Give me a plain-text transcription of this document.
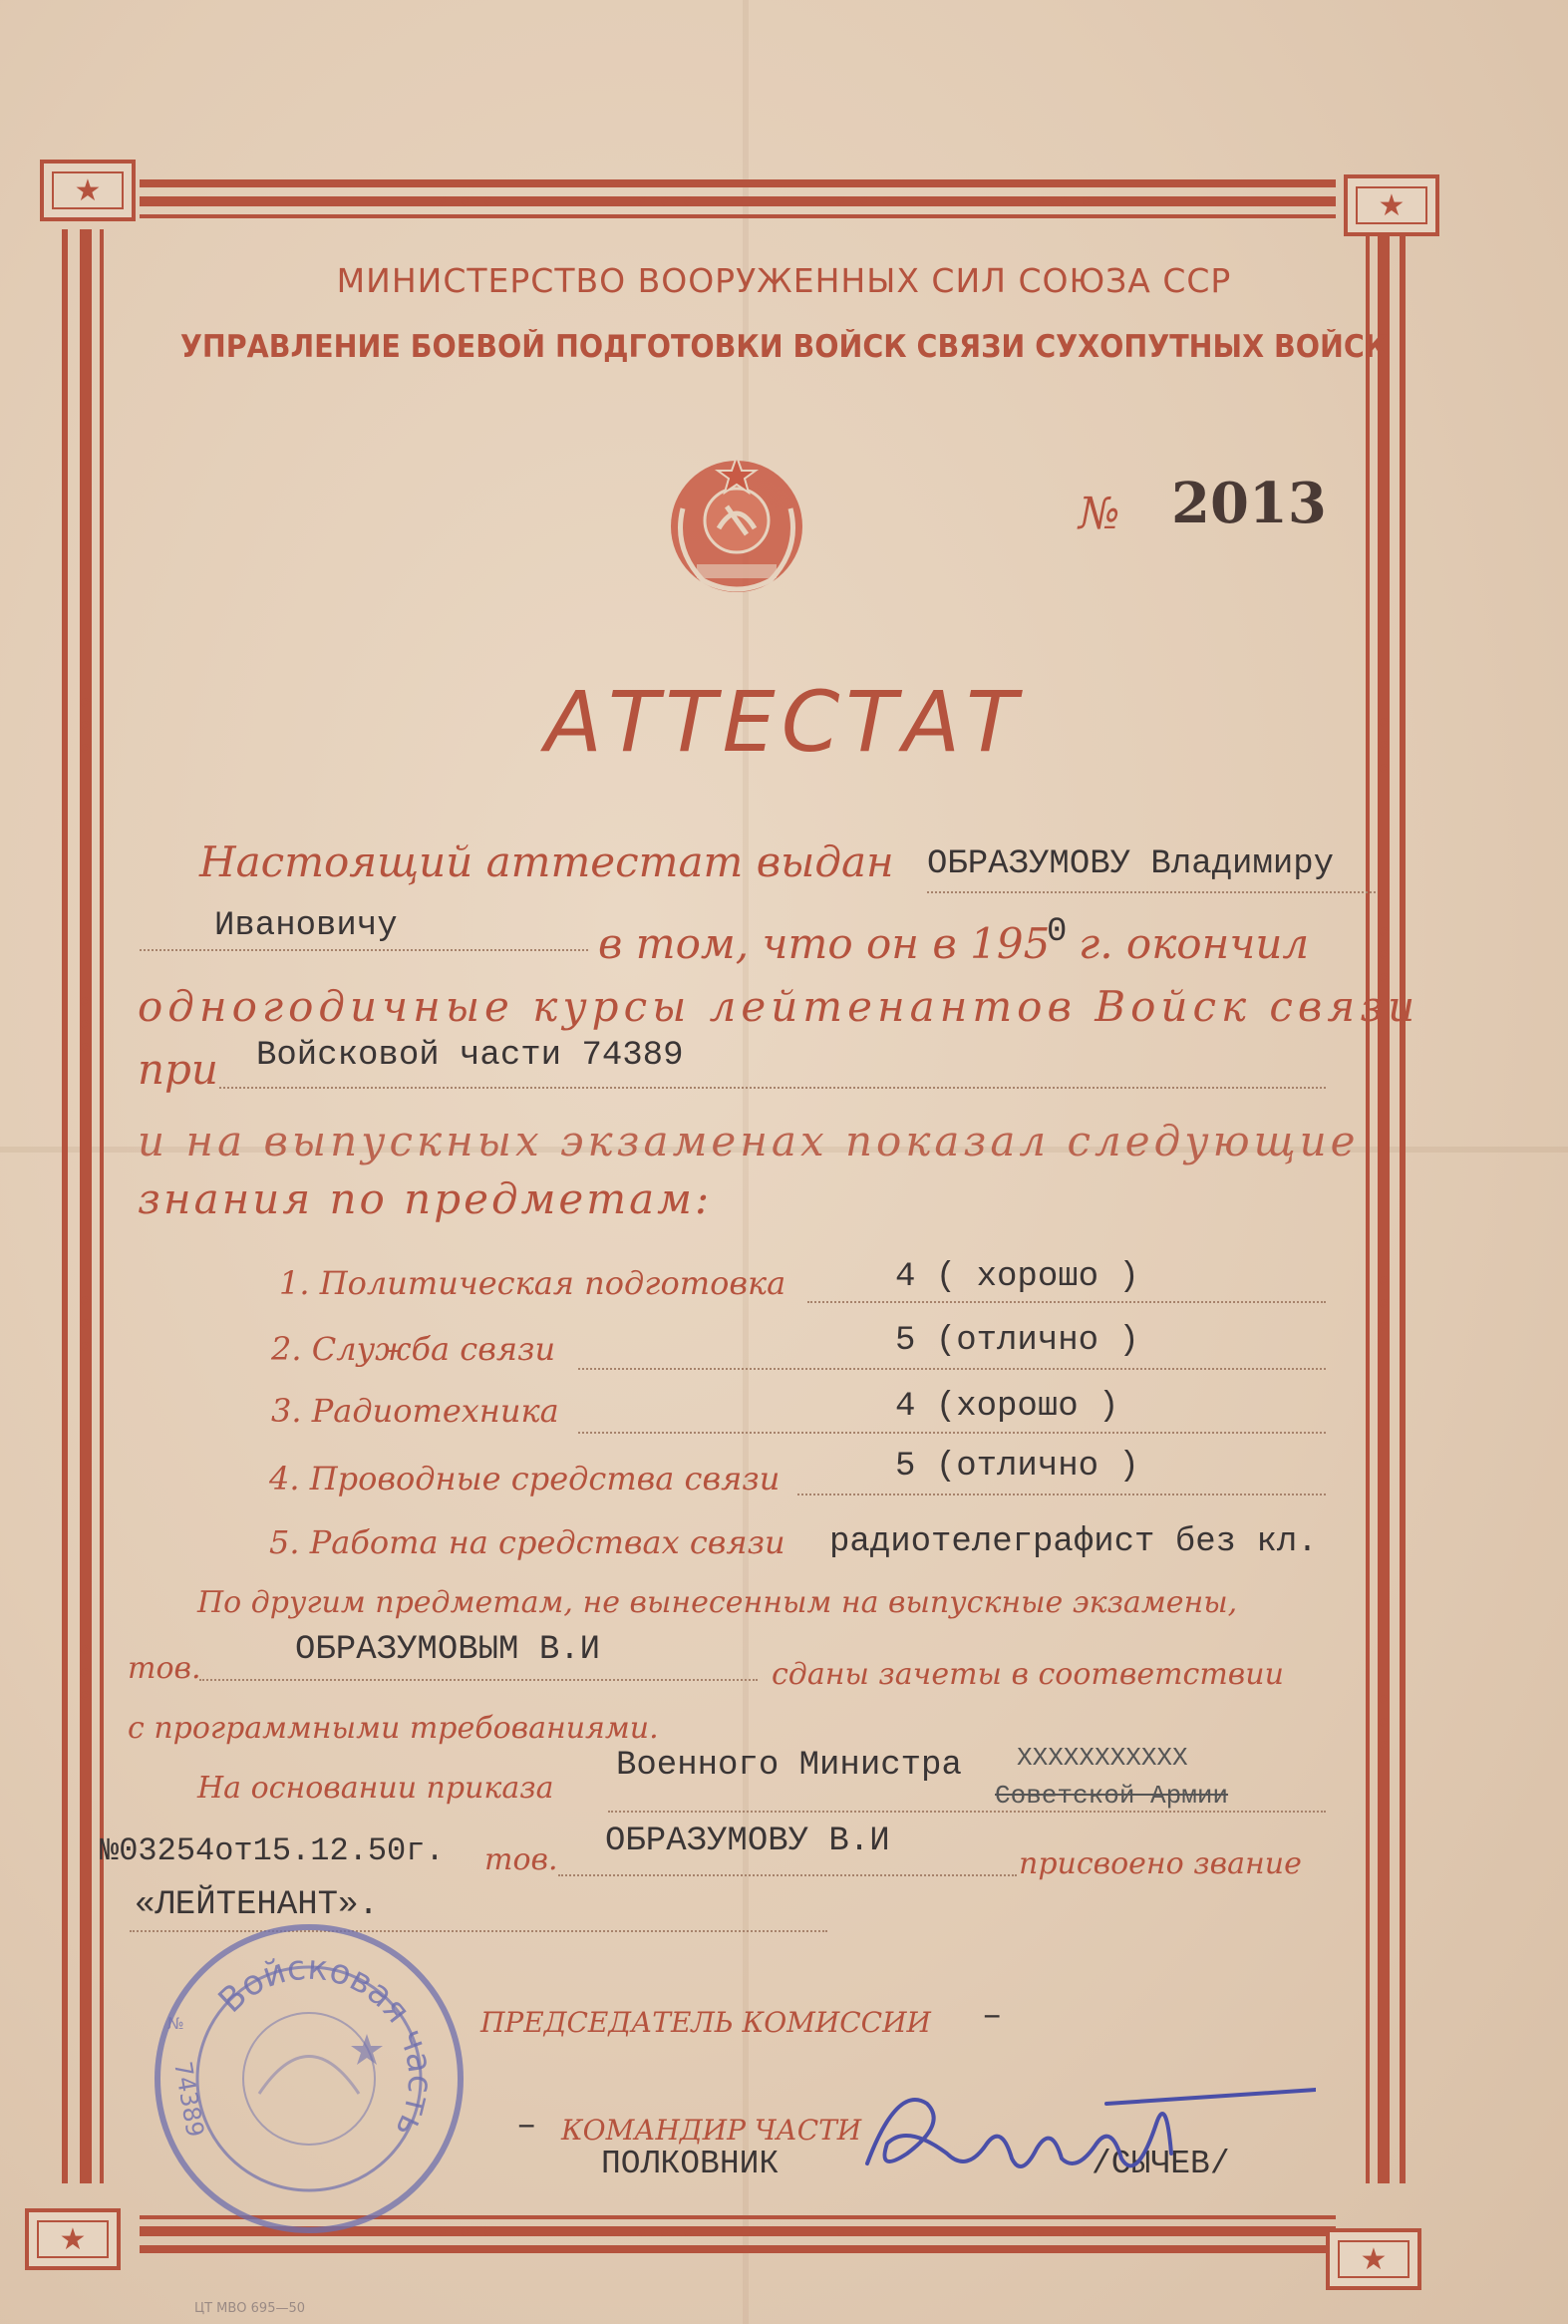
★	★
★
★
МИНИСТЕРСТВО ВООРУЖЕННЫХ СИЛ СОЮЗА ССР
УПРАВЛЕНИЕ БОЕВОЙ ПОДГОТОВКИ ВОЙСК СВЯЗИ СУХОПУТНЫХ ВОЙСК
№ 2013
АТТЕСТАТ
Настоящий аттестат выдан ОБРАЗУМОВУ Владимиру
Ивановичу	в том, что он в 195
0 г. окончил
одногодичные курсы лейтенантов Войск связи
при Войсковой части 74389
и на выпускных экзаменах показал следующие
знания по предметам:
1. Политическая подготовка	4 ( хорошо )
2. Служба связи	5 (отлично )
3. Радиотехника	4 (хорошо )
4. Проводные средства связи	5 (отлично )
5. Работа на средствах связи радиотелеграфист без кл.
По другим предметам, не вынесенным на выпускные экзамены,
тов.	ОБРАЗУМОВЫМ В.И
сданы зачеты в соответствии
с программными требованиями.
На основании приказа
Военного Министра ХХХХХХХХХХХ
Советской Армии
№03254от15.12.50г. тов. ОБРАЗУМОВУ В.И
присвоено звание
«ЛЕЙТЕНАНТ».
ПРЕДСЕДАТЕЛЬ КОМИССИИ –
– КОМАНДИР ЧАСТИ
ПОЛКОВНИК	/СЫЧЕВ/
Войсковая часть
74389
№
ЦТ МВО 695—50
